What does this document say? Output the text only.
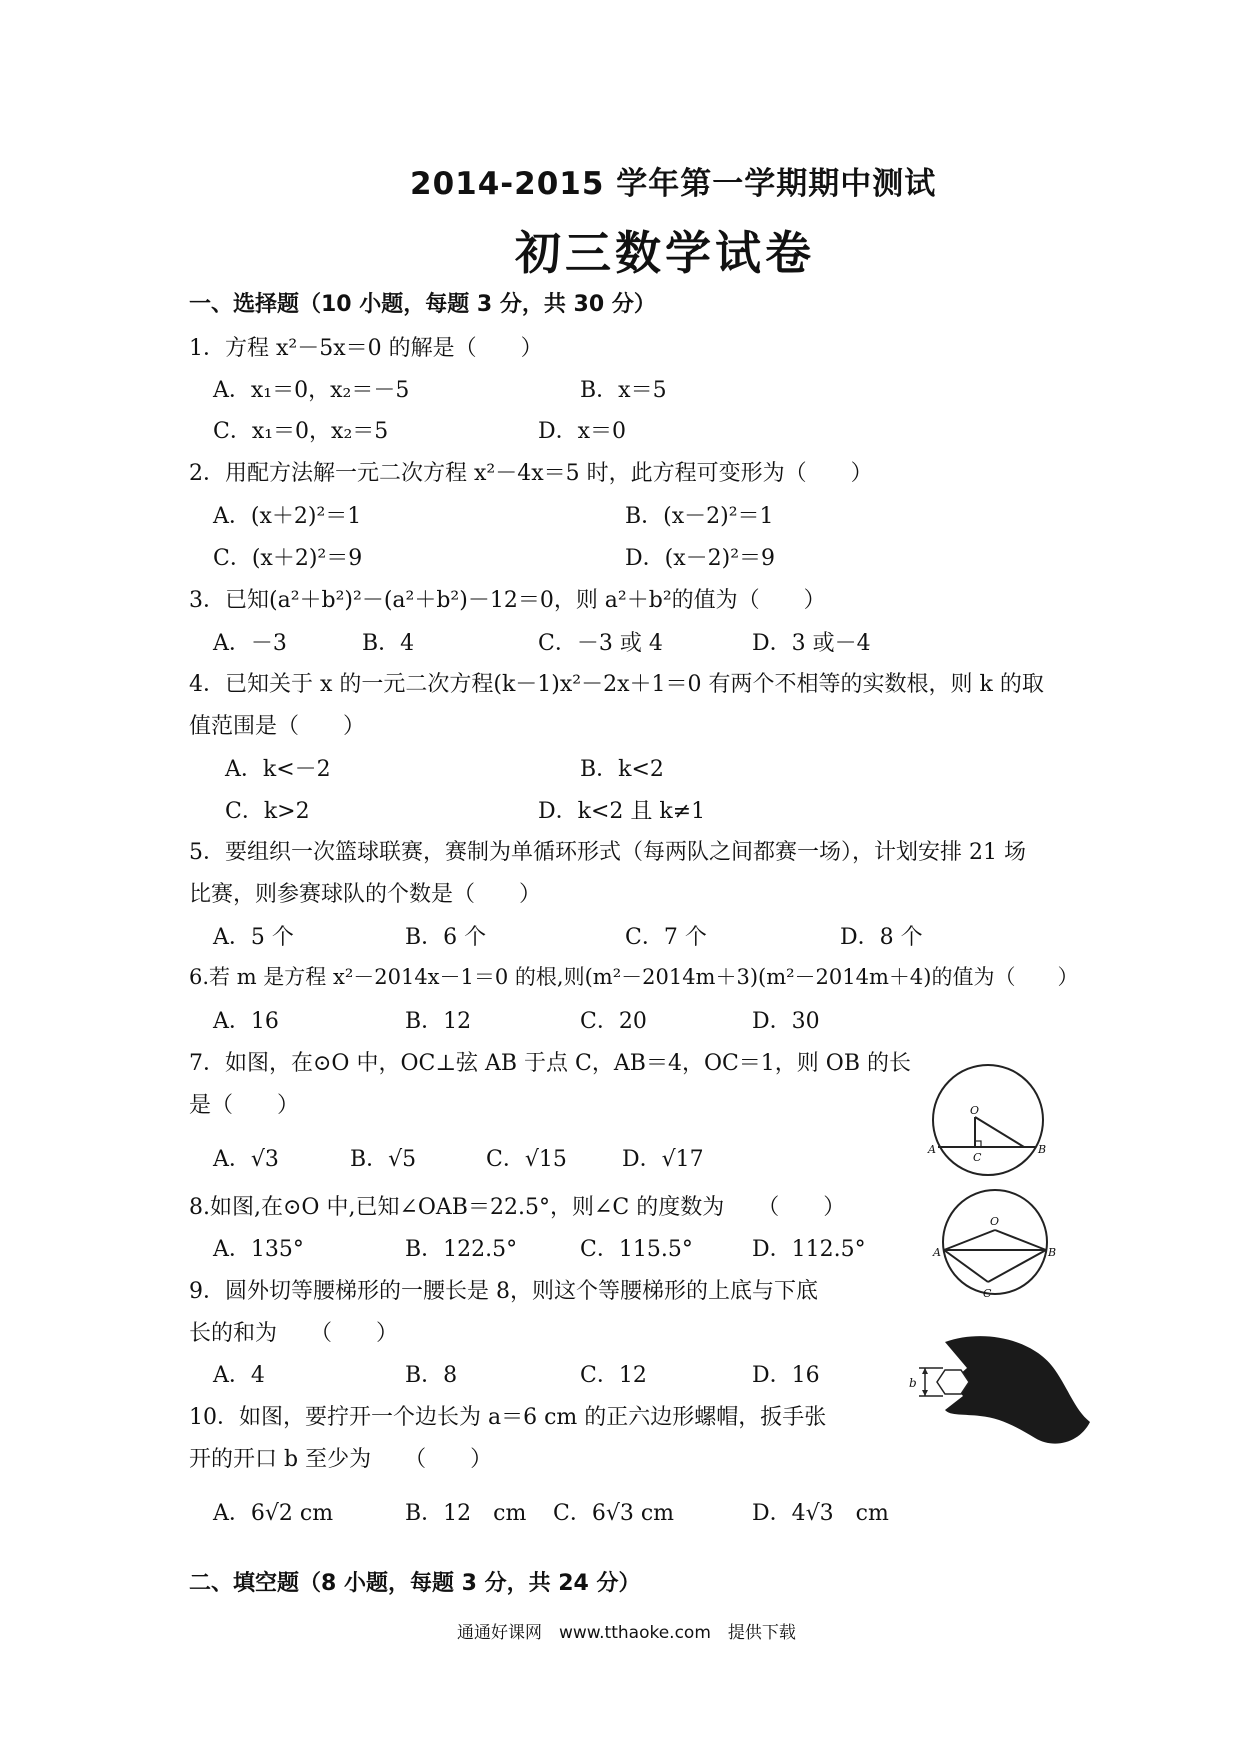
2014-2015 学年第一学期期中测试
初三数学试卷
一、选择题（10 小题，每题 3 分，共 30 分）
1．方程 x²－5x＝0 的解是（　　）
A．x₁＝0，x₂＝－5	B．x＝5
C．x₁＝0，x₂＝5	D．x＝0
2．用配方法解一元二次方程 x²－4x＝5 时，此方程可变形为（　　）
A．(x＋2)²＝1	B．(x－2)²＝1
C．(x＋2)²＝9	D．(x－2)²＝9
3．已知(a²＋b²)²－(a²＋b²)－12＝0，则 a²＋b²的值为（　　）
A．－3	B．4	C．－3 或 4	D．3 或－4
4．已知关于 x 的一元二次方程(k－1)x²－2x＋1＝0 有两个不相等的实数根，则 k 的取
值范围是（　　）
A．k<－2	B．k<2
C．k>2	D．k<2 且 k≠1
5．要组织一次篮球联赛，赛制为单循环形式（每两队之间都赛一场），计划安排 21 场
比赛，则参赛球队的个数是（　　）
A．5 个	B．6 个	C．7 个	D．8 个
6.若 m 是方程 x²－2014x－1＝0 的根,则(m²－2014m＋3)(m²－2014m＋4)的值为（　　）
A．16	B．12	C．20	D．30
7．如图，在⊙O 中，OC⊥弦 AB 于点 C，AB＝4，OC＝1，则 OB 的长
是（　　）
A．√3	B．√5	C．√15	D．√17
O
A	B
C
8.如图,在⊙O 中,已知∠OAB＝22.5°，则∠C 的度数为　　（　　）
A．135°	B．122.5°	C．115.5°	D．112.5°
O
A	B
C
9．圆外切等腰梯形的一腰长是 8，则这个等腰梯形的上底与下底
长的和为　　（　　）
A．4	B．8	C．12	D．16
10．如图，要拧开一个边长为 a＝6 cm 的正六边形螺帽，扳手张
开的开口 b 至少为　　（　　）
A．6√2 cm	B．12　cm C．6√3 cm	D．4√3　cm
b
二、填空题（8 小题，每题 3 分，共 24 分）
通通好课网　www.tthaoke.com　提供下载
